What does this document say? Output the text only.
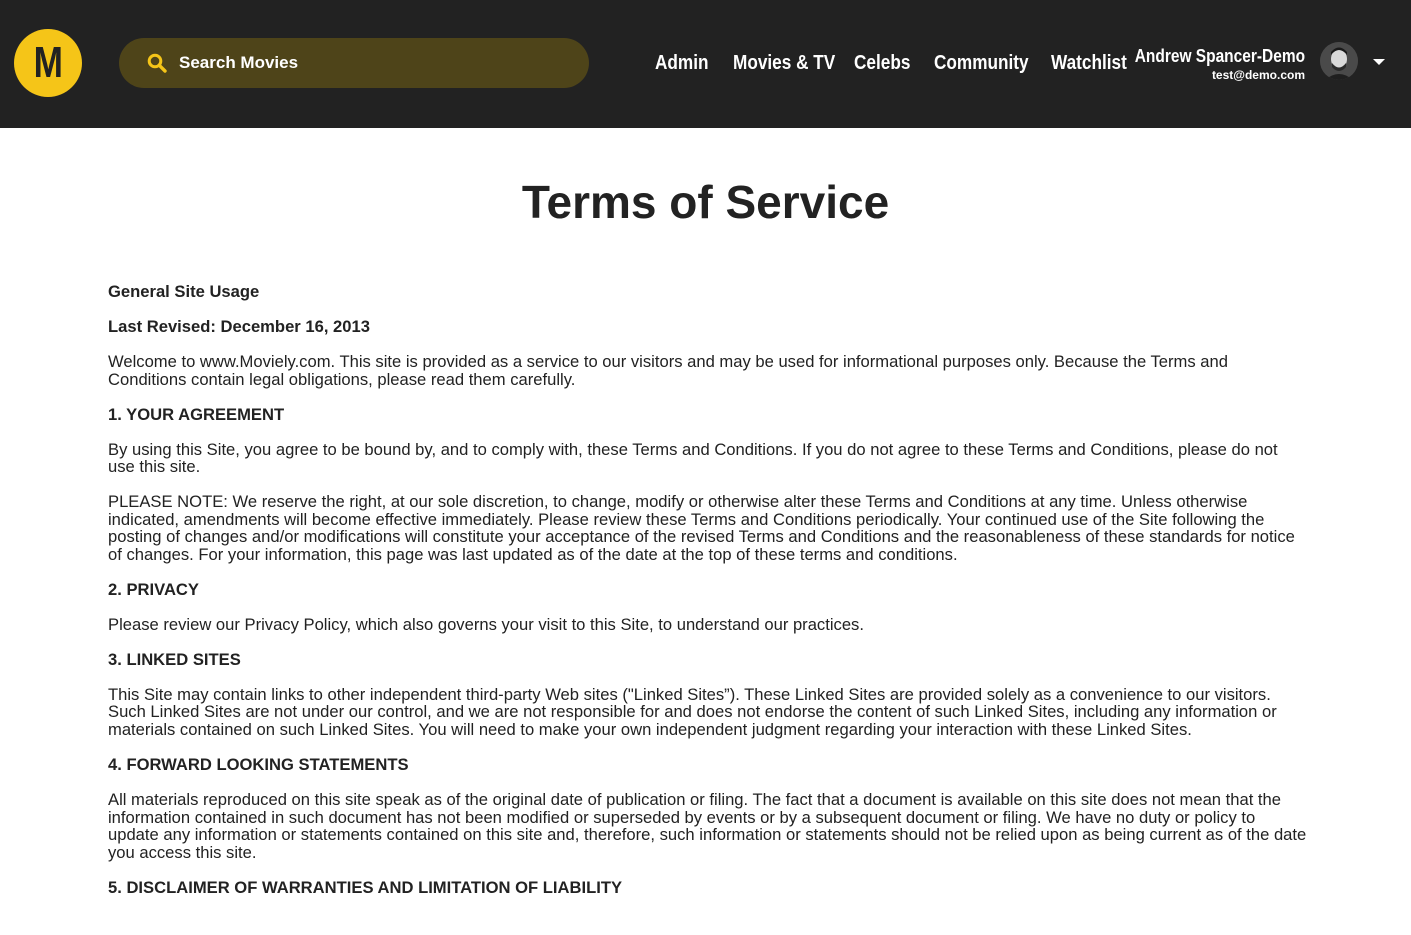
M
Search Movies	Admin Movies & TV Celebs Community Watchlist Andrew Spancer-Demo
test@demo.com
Terms of Service

General Site Usage

Last Revised: December 16, 2013

Welcome to www.Moviely.com. This site is provided as a service to our visitors and may be used for informational purposes only. Because the Terms and Conditions contain legal obligations, please read them carefully.

1. YOUR AGREEMENT

By using this Site, you agree to be bound by, and to comply with, these Terms and Conditions. If you do not agree to these Terms and Conditions, please do not use this site.

PLEASE NOTE: We reserve the right, at our sole discretion, to change, modify or otherwise alter these Terms and Conditions at any time. Unless otherwise indicated, amendments will become effective immediately. Please review these Terms and Conditions periodically. Your continued use of the Site following the posting of changes and/or modifications will constitute your acceptance of the revised Terms and Conditions and the reasonableness of these standards for notice of changes. For your information, this page was last updated as of the date at the top of these terms and conditions.

2. PRIVACY

Please review our Privacy Policy, which also governs your visit to this Site, to understand our practices.

3. LINKED SITES

This Site may contain links to other independent third-party Web sites ("Linked Sites”). These Linked Sites are provided solely as a convenience to our visitors. Such Linked Sites are not under our control, and we are not responsible for and does not endorse the content of such Linked Sites, including any information or materials contained on such Linked Sites. You will need to make your own independent judgment regarding your interaction with these Linked Sites.

4. FORWARD LOOKING STATEMENTS

All materials reproduced on this site speak as of the original date of publication or filing. The fact that a document is available on this site does not mean that the information contained in such document has not been modified or superseded by events or by a subsequent document or filing. We have no duty or policy to update any information or statements contained on this site and, therefore, such information or statements should not be relied upon as being current as of the date you access this site.

5. DISCLAIMER OF WARRANTIES AND LIMITATION OF LIABILITY
